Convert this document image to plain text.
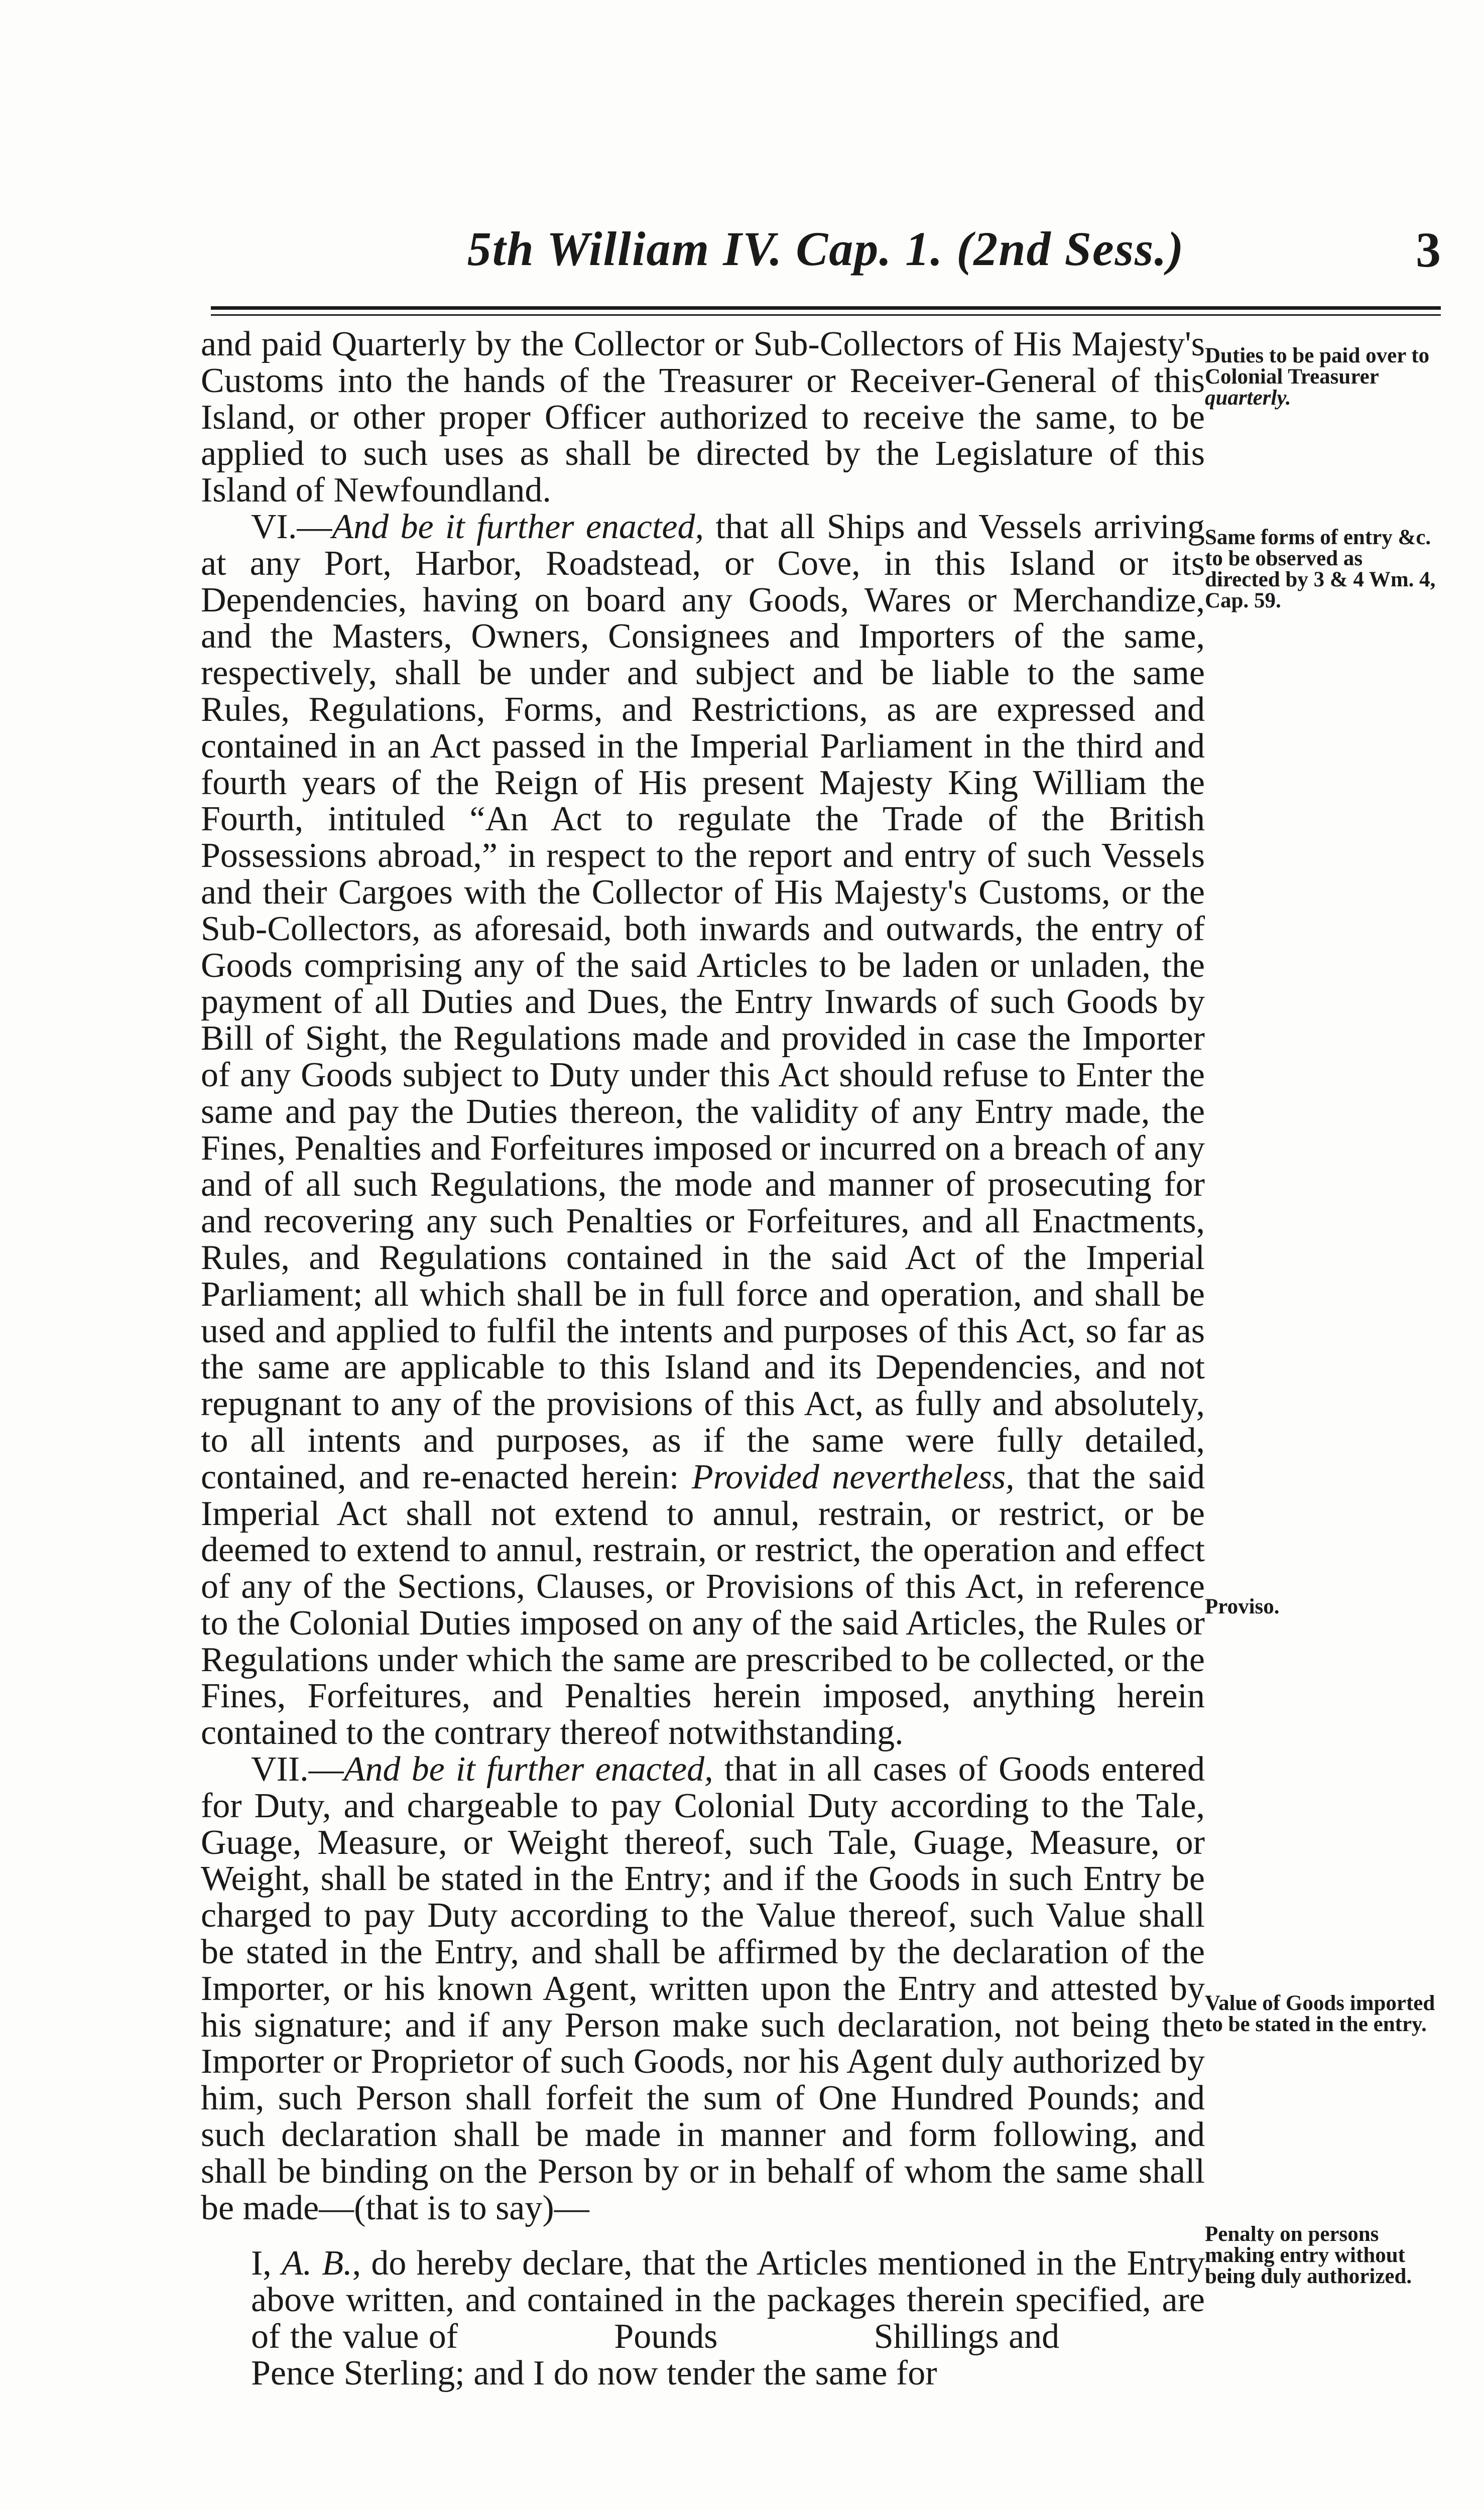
5th William IV. Cap. 1. (2nd Sess.)	3

and paid Quarterly by the Collector or Sub-Collectors of His Majesty's Customs into the hands of the Treasurer or Receiver-General of this Island, or other proper Officer authorized to receive the same, to be applied to such uses as shall be directed by the Legislature of this Island of Newfoundland.

VI.—And be it further enacted, that all Ships and Vessels arriving at any Port, Harbor, Roadstead, or Cove, in this Island or its Dependencies, having on board any Goods, Wares or Merchandize, and the Masters, Owners, Consignees and Importers of the same, respectively, shall be under and subject and be liable to the same Rules, Regulations, Forms, and Restrictions, as are expressed and contained in an Act passed in the Imperial Parliament in the third and fourth years of the Reign of His present Majesty King William the Fourth, intituled “An Act to regulate the Trade of the British Possessions abroad,” in respect to the report and entry of such Vessels and their Cargoes with the Collector of His Majesty's Customs, or the Sub-Collectors, as aforesaid, both inwards and outwards, the entry of Goods comprising any of the said Articles to be laden or unladen, the payment of all Duties and Dues, the Entry Inwards of such Goods by Bill of Sight, the Regulations made and provided in case the Importer of any Goods subject to Duty under this Act should refuse to Enter the same and pay the Duties thereon, the validity of any Entry made, the Fines, Penalties and Forfeitures imposed or incurred on a breach of any and of all such Regulations, the mode and manner of prosecuting for and recovering any such Penalties or Forfeitures, and all Enactments, Rules, and Regulations contained in the said Act of the Imperial Parliament; all which shall be in full force and operation, and shall be used and applied to fulfil the intents and purposes of this Act, so far as the same are applicable to this Island and its Dependencies, and not repugnant to any of the provisions of this Act, as fully and absolutely, to all intents and purposes, as if the same were fully detailed, contained, and re-enacted herein: Provided nevertheless, that the said Imperial Act shall not extend to annul, restrain, or restrict, or be deemed to extend to annul, restrain, or restrict, the operation and effect of any of the Sections, Clauses, or Provisions of this Act, in reference to the Colonial Duties imposed on any of the said Articles, the Rules or Regulations under which the same are prescribed to be collected, or the Fines, Forfeitures, and Penalties herein imposed, anything herein contained to the contrary thereof notwithstanding.

VII.—And be it further enacted, that in all cases of Goods entered for Duty, and chargeable to pay Colonial Duty according to the Tale, Guage, Measure, or Weight thereof, such Tale, Guage, Measure, or Weight, shall be stated in the Entry; and if the Goods in such Entry be charged to pay Duty according to the Value thereof, such Value shall be stated in the Entry, and shall be affirmed by the declaration of the Importer, or his known Agent, written upon the Entry and attested by his signature; and if any Person make such declaration, not being the Importer or Proprietor of such Goods, nor his Agent duly authorized by him, such Person shall forfeit the sum of One Hundred Pounds; and such declaration shall be made in manner and form following, and shall be binding on the Person by or in behalf of whom the same shall be made—(that is to say)—

I, A. B., do hereby declare, that the Articles mentioned in the Entry above written, and contained in the packages therein specified, are of the value of                Pounds                Shillings and                Pence Sterling; and I do now tender the same for

Duties to be paid over to Colonial Treasurer quarterly.
Same forms of entry &c. to be observed as directed by 3 & 4 Wm. 4, Cap. 59.
Proviso.
Value of Goods imported to be stated in the entry.
Penalty on persons making entry without being duly authorized.
